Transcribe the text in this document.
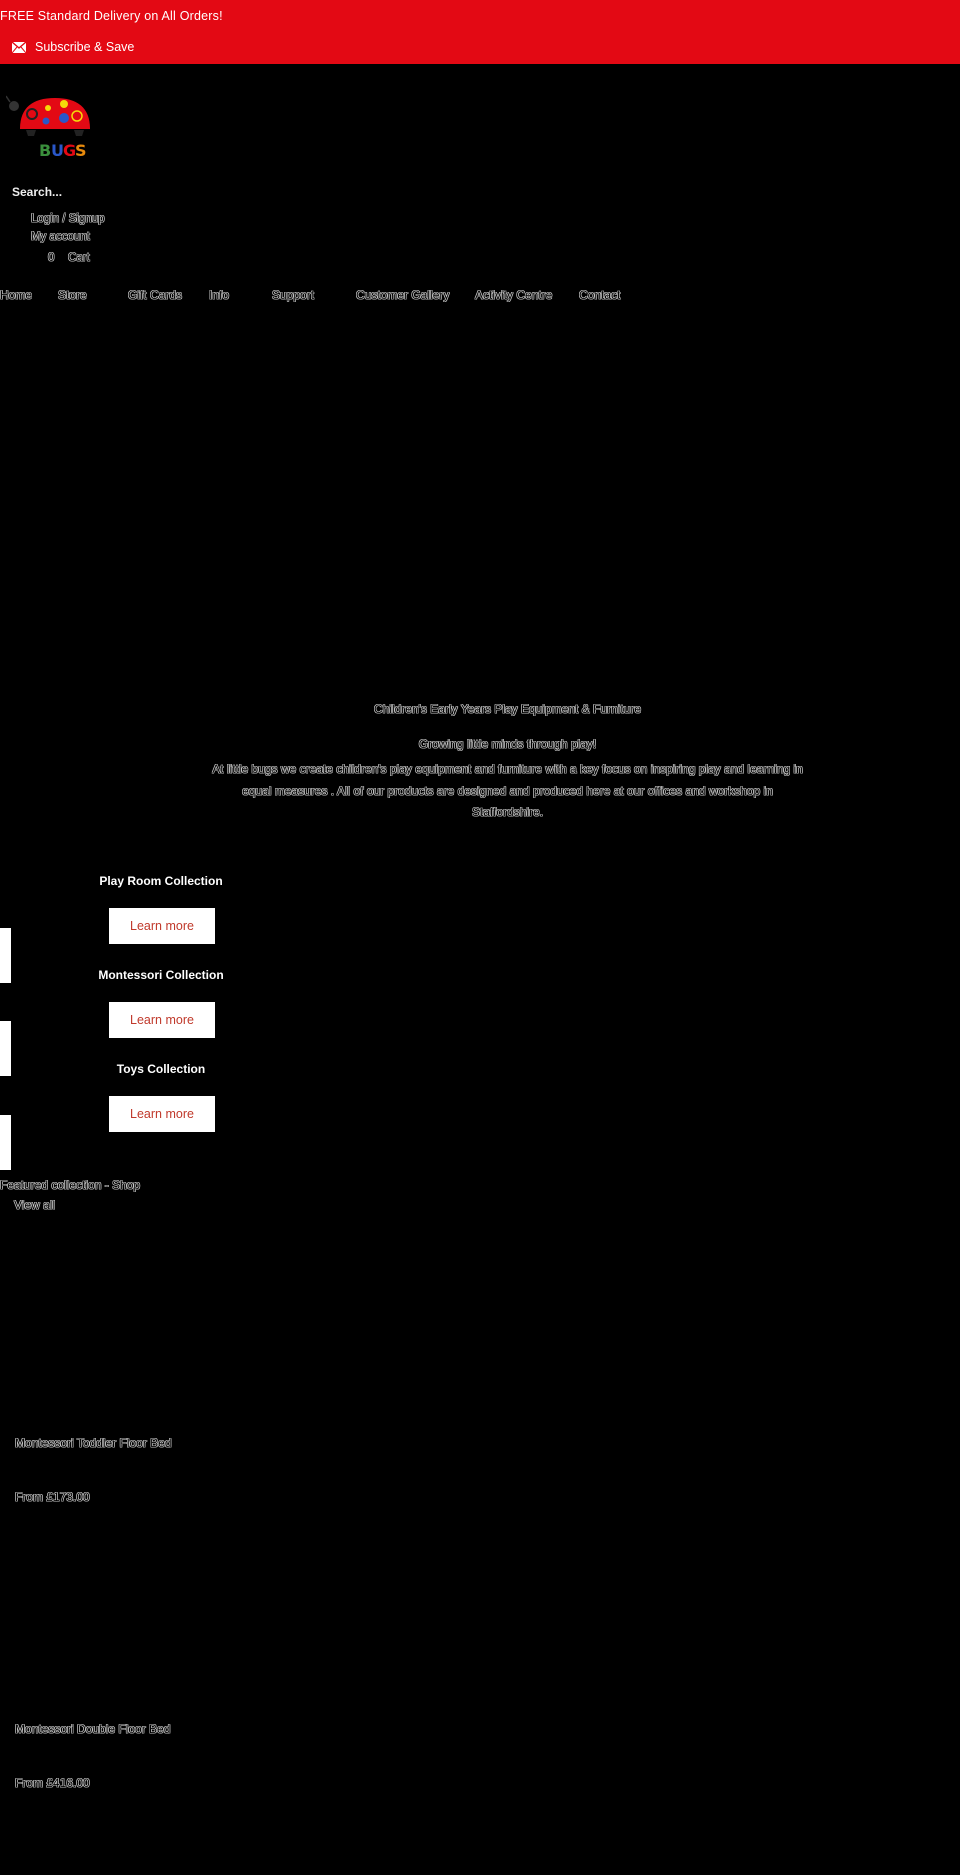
FREE Standard Delivery on All Orders!
Subscribe & Save
B U G
S
Search...
Login / Signup
My account
0 Cart
Home Store	Gift Cards Info	Support	Customer Gallery Activity Centre Contact
Children's Early Years Play Equipment & Furniture
Growing little minds through play!
At little bugs we create children's play equipment and furniture with a key focus on inspiring play and learning in equal measures . All of our products are designed and produced here at our offices and workshop in Staffordshire.
Play Room Collection
Learn more
Montessori Collection
Learn more
Toys Collection
Learn more
Featured collection - Shop
View all
Montessori Toddler Floor Bed
From £173.00
Montessori Double Floor Bed
From £416.00
